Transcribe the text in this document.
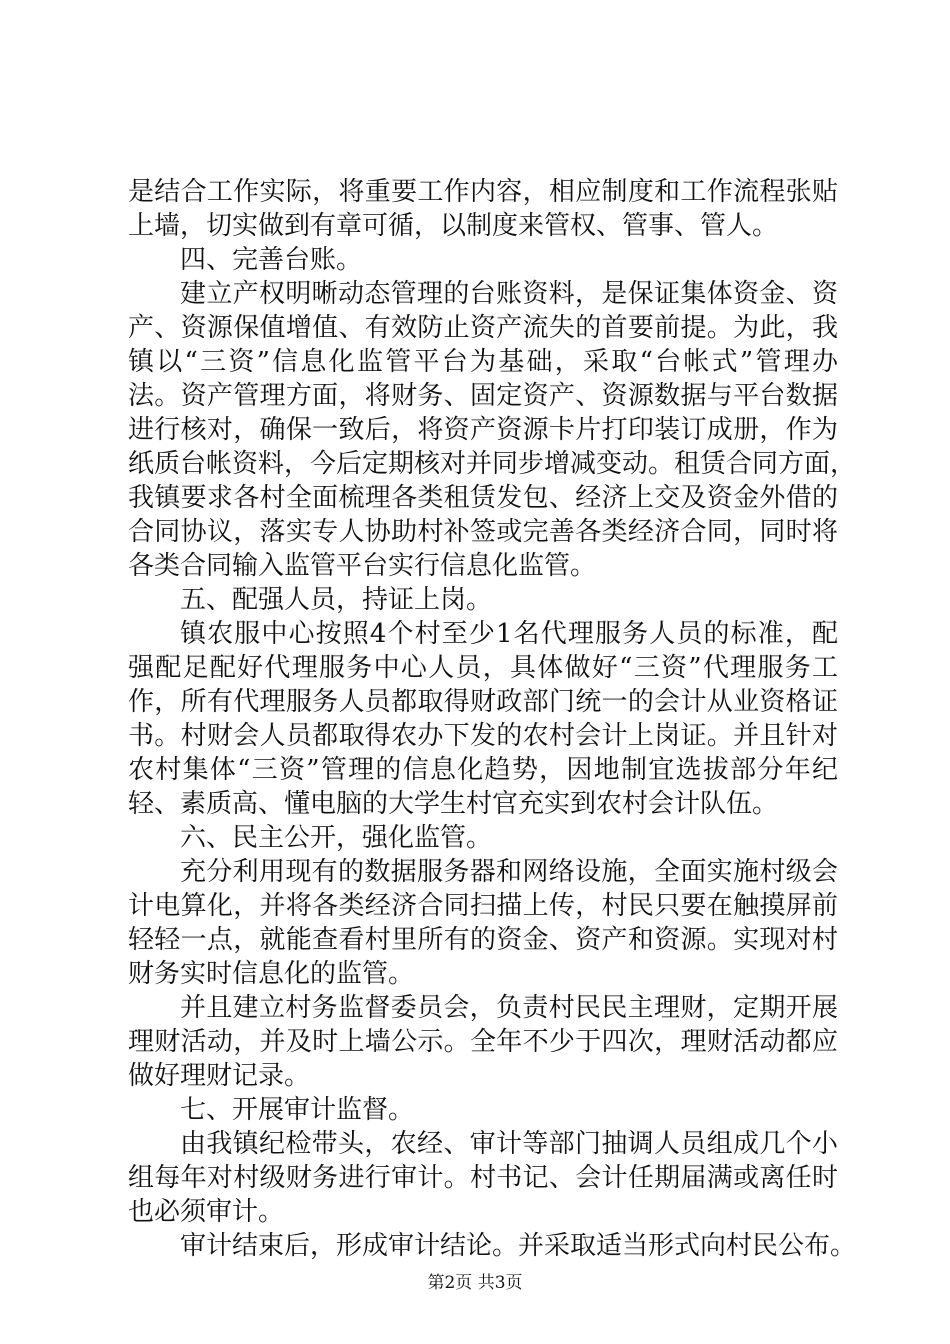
是结合工作实际，将重要工作内容，相应制度和工作流程张贴
上墙，切实做到有章可循，以制度来管权、管事、管人。
四、完善台账。
建立产权明晰动态管理的台账资料，是保证集体资金、资
产、资源保值增值、有效防止资产流失的首要前提。为此，我
镇以“三资”信息化监管平台为基础，采取“台帐式”管理办
法。资产管理方面，将财务、固定资产、资源数据与平台数据
进行核对，确保一致后，将资产资源卡片打印装订成册，作为
纸质台帐资料，今后定期核对并同步增减变动。租赁合同方面，
我镇要求各村全面梳理各类租赁发包、经济上交及资金外借的
合同协议，落实专人协助村补签或完善各类经济合同，同时将
各类合同输入监管平台实行信息化监管。
五、配强人员，持证上岗。
镇农服中心按照4个村至少1名代理服务人员的标准，配
强配足配好代理服务中心人员，具体做好“三资”代理服务工
作，所有代理服务人员都取得财政部门统一的会计从业资格证
书。村财会人员都取得农办下发的农村会计上岗证。并且针对
农村集体“三资”管理的信息化趋势，因地制宜选拔部分年纪
轻、素质高、懂电脑的大学生村官充实到农村会计队伍。
六、民主公开，强化监管。
充分利用现有的数据服务器和网络设施，全面实施村级会
计电算化，并将各类经济合同扫描上传，村民只要在触摸屏前
轻轻一点，就能查看村里所有的资金、资产和资源。实现对村
财务实时信息化的监管。
并且建立村务监督委员会，负责村民民主理财，定期开展
理财活动，并及时上墙公示。全年不少于四次，理财活动都应
做好理财记录。
七、开展审计监督。
由我镇纪检带头，农经、审计等部门抽调人员组成几个小
组每年对村级财务进行审计。村书记、会计任期届满或离任时
也必须审计。
审计结束后，形成审计结论。并采取适当形式向村民公布。
第2页 共3页
